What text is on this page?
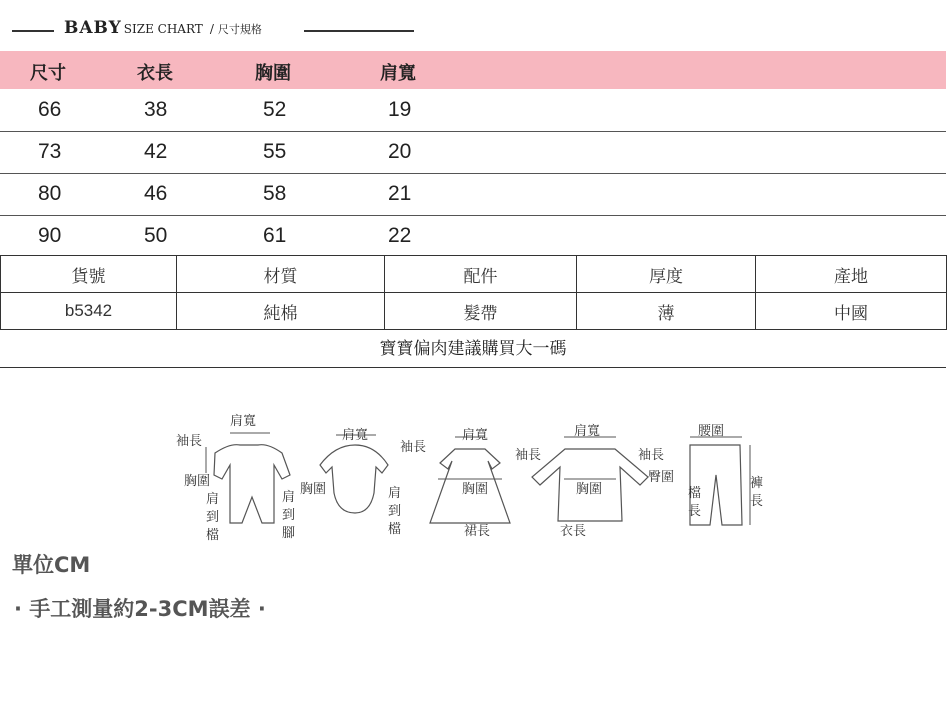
BABY SIZE CHART / 尺寸規格
尺寸	衣長	胸圍	肩寬
66	38	52	19
73	42	55	20
80	46	58	21
90	50	61	22
貨號	材質	配件	厚度	產地
b5342	純棉	髮帶	薄	中國
寶寶偏肉建議購買大一碼
肩寬
袖長
胸圍
肩
到
檔
肩
到
腳
肩寬
袖長
胸圍	肩
到
檔
肩寬
袖長
胸圍
裙長
肩寬
袖長
胸圍
衣長
腰圍
臀圍
檔
長
褲
長
單位CM
· 手工測量約2-3CM誤差 ·
